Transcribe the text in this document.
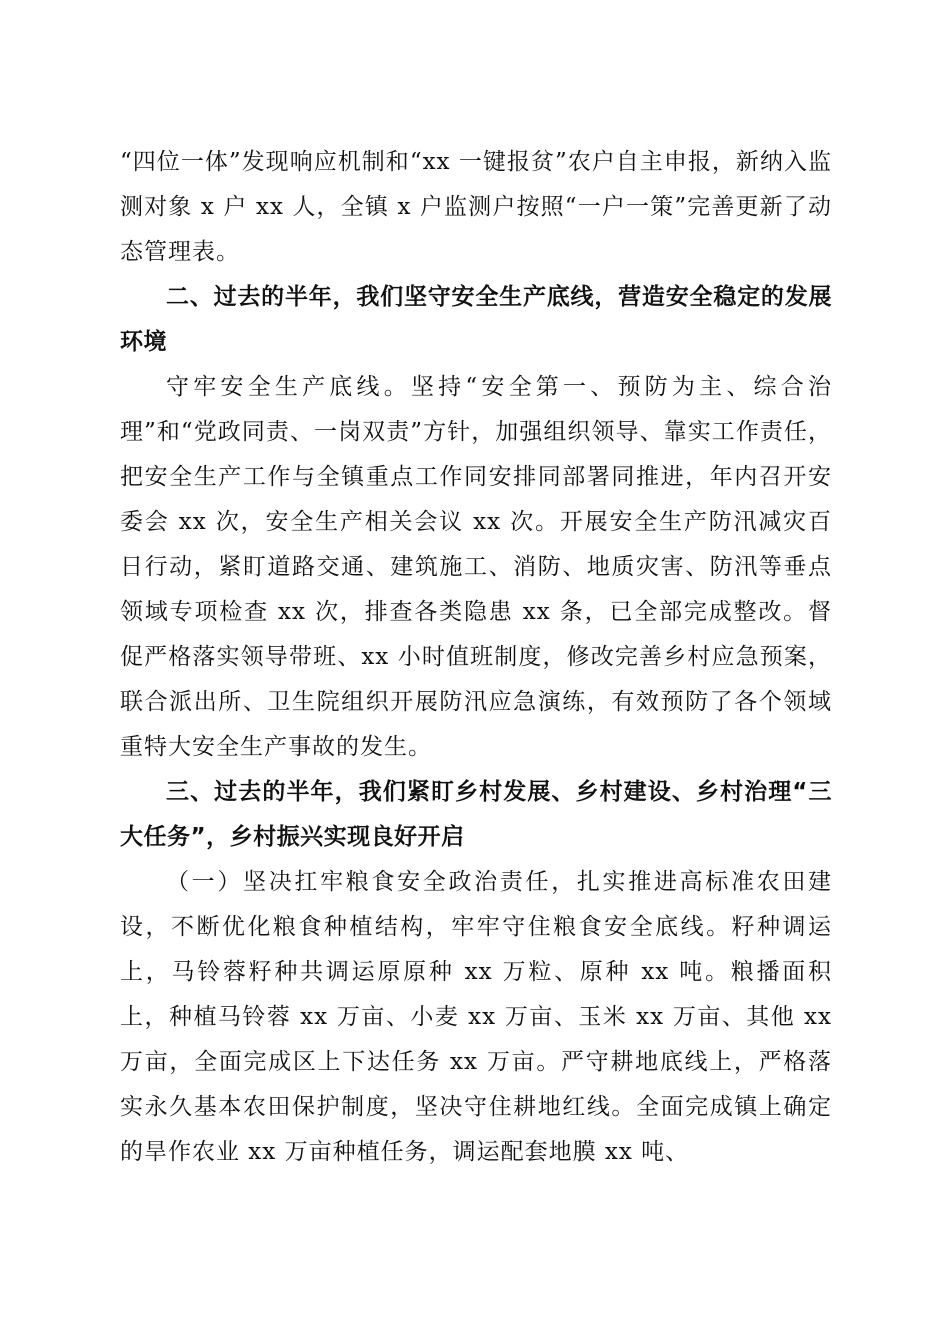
“四位一体”发现响应机制和“xx 一键报贫”农户自主申报，新纳入监测对象 x 户 xx 人，全镇 x 户监测户按照“一户一策”完善更新了动态管理表。

二、过去的半年，我们坚守安全生产底线，营造安全稳定的发展环境

守牢安全生产底线。坚持“安全第一、预防为主、综合治理”和“党政同责、一岗双责”方针，加强组织领导、靠实工作责任，把安全生产工作与全镇重点工作同安排同部署同推进，年内召开安委会 xx 次，安全生产相关会议 xx 次。开展安全生产防汛减灾百日行动，紧盯道路交通、建筑施工、消防、地质灾害、防汛等垂点领域专项检查 xx 次，排查各类隐患 xx 条，已全部完成整改。督促严格落实领导带班、xx 小时值班制度，修改完善乡村应急预案，联合派出所、卫生院组织开展防汛应急演练，有效预防了各个领域重特大安全生产事故的发生。

三、过去的半年，我们紧盯乡村发展、乡村建设、乡村治理“三大任务”，乡村振兴实现良好开启

（一）坚决扛牢粮食安全政治责任，扎实推进高标准农田建设，不断优化粮食种植结构，牢牢守住粮食安全底线。籽种调运上，马铃蓉籽种共调运原原种 xx 万粒、原种 xx 吨。粮播面积上，种植马铃蓉 xx 万亩、小麦 xx 万亩、玉米 xx 万亩、其他 xx 万亩，全面完成区上下达任务 xx 万亩。严守耕地底线上，严格落实永久基本农田保护制度，坚决守住耕地红线。全面完成镇上确定的旱作农业 xx 万亩种植任务，调运配套地膜 xx 吨、
